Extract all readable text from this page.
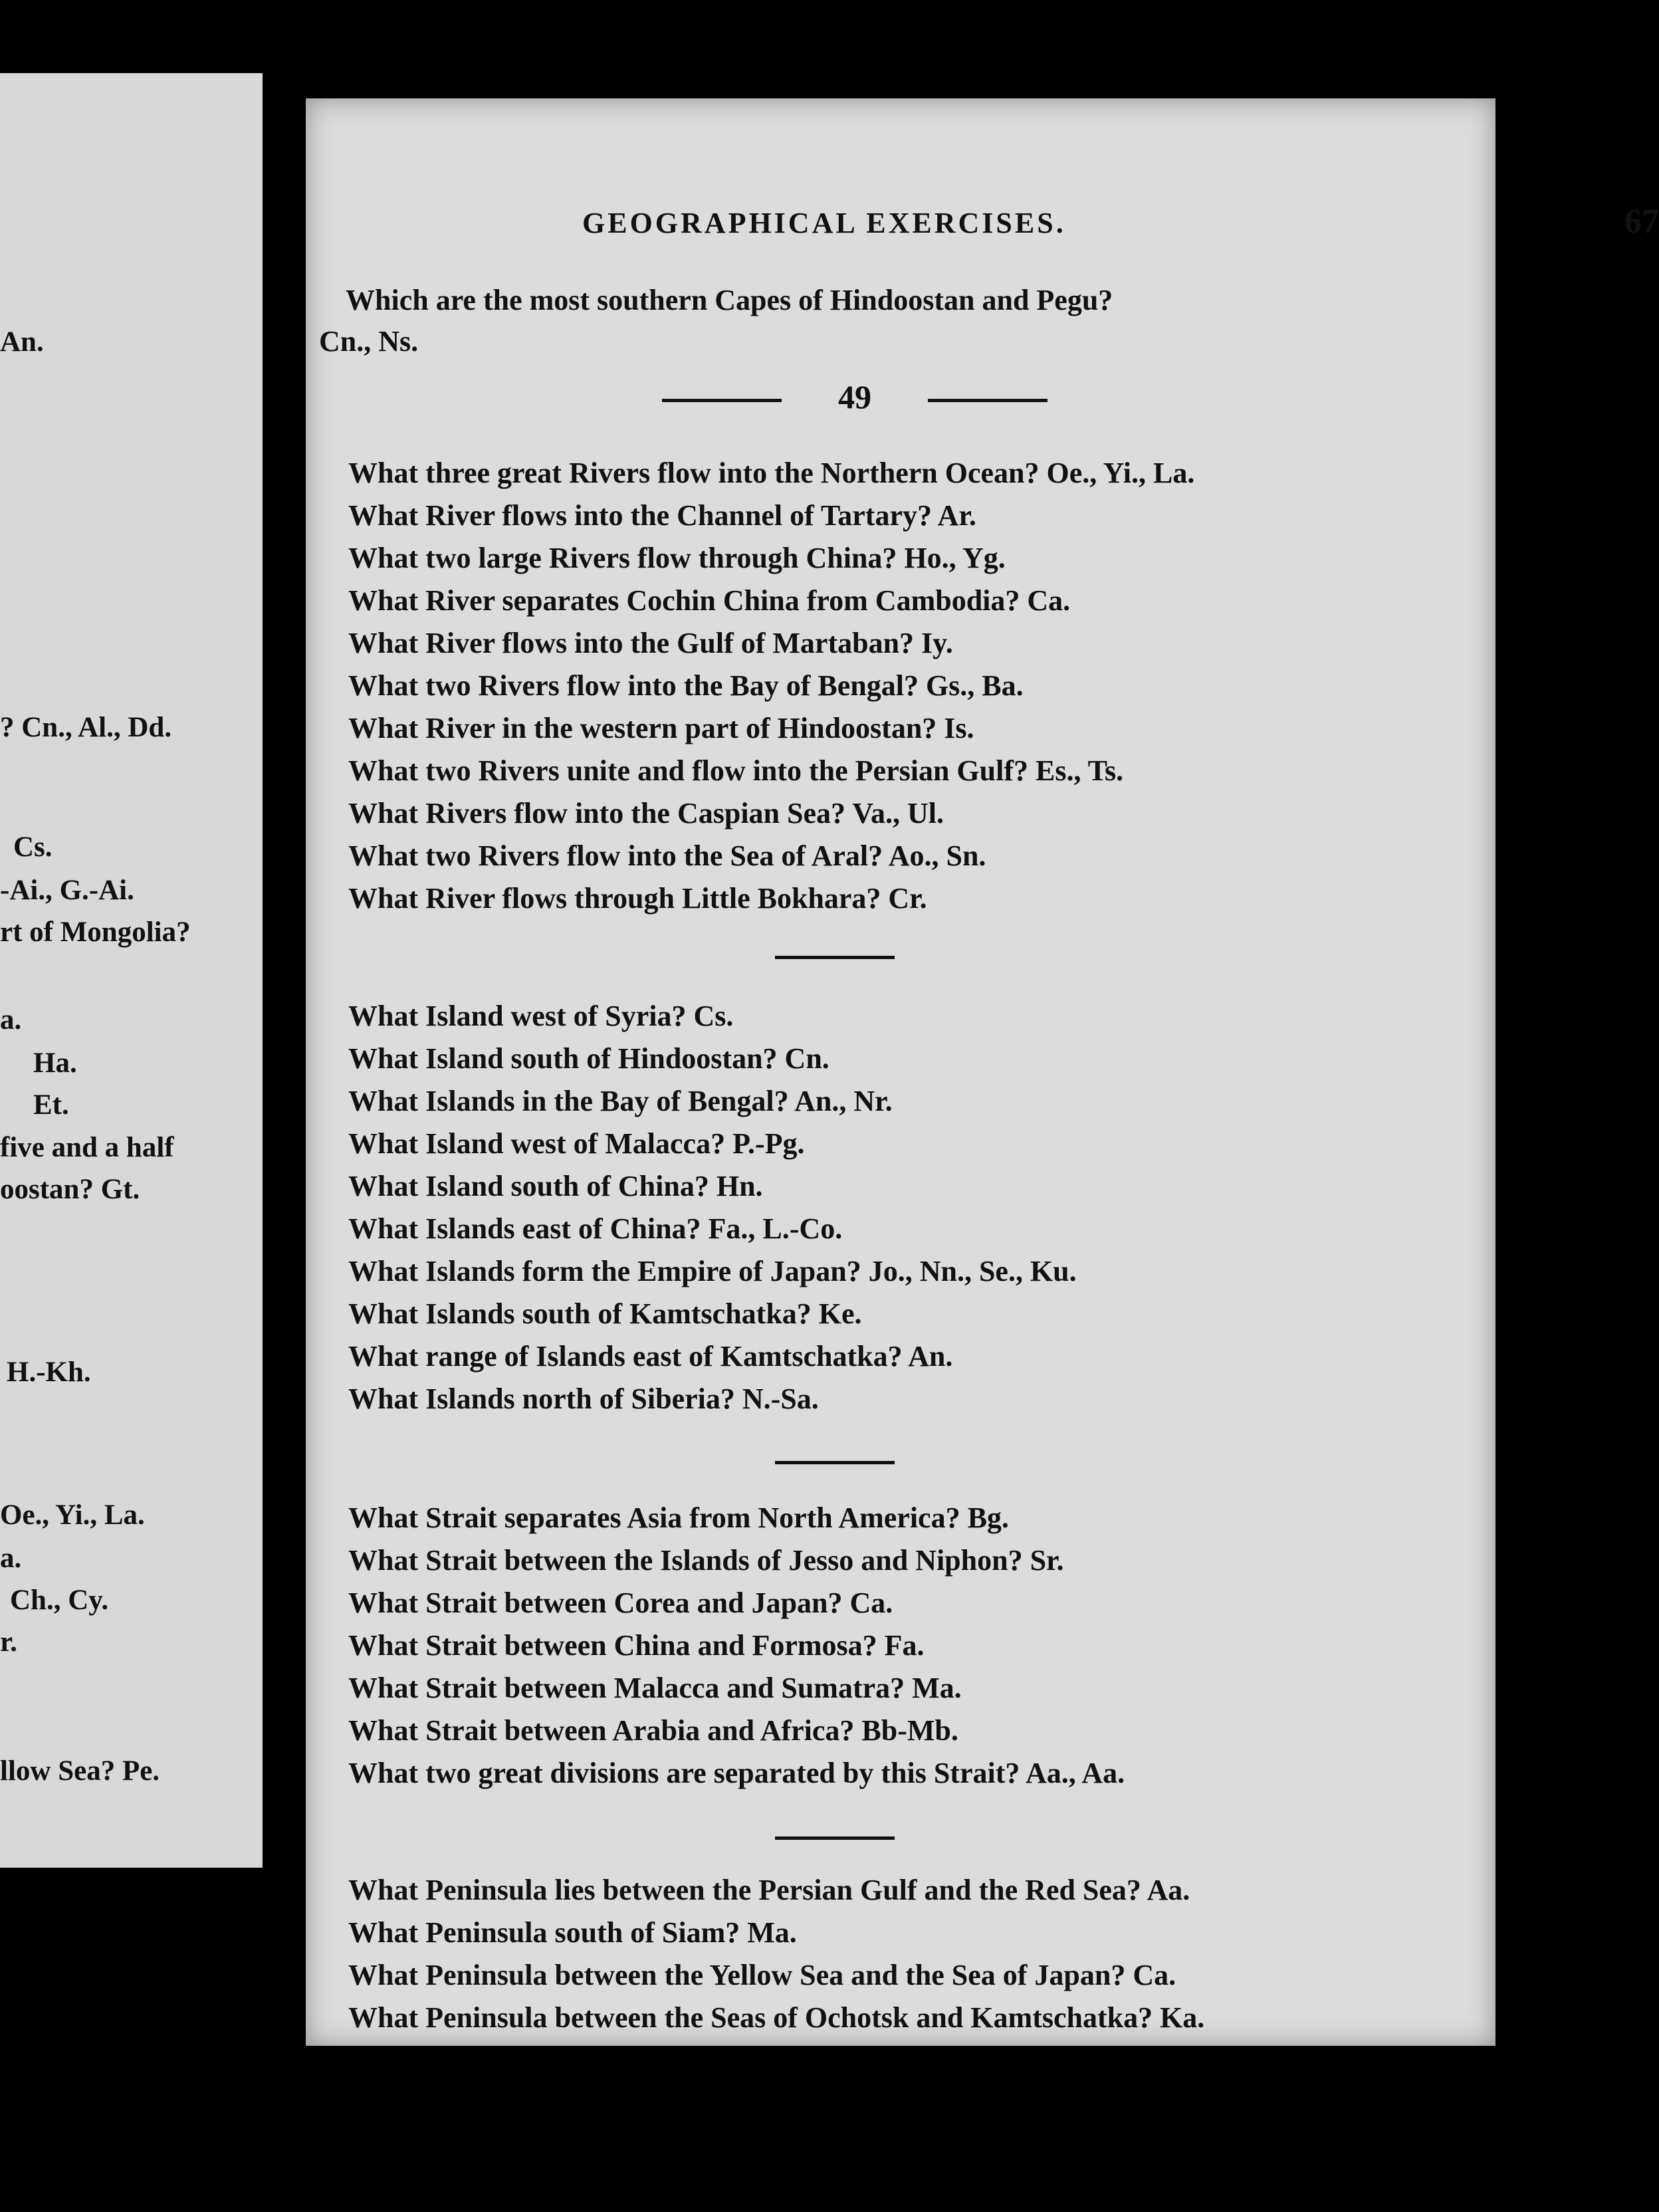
An.
? Cn., Al., Dd.
Cs.
-Ai., G.-Ai.
rt of Mongolia?
a.
Ha.
Et.
five and a half
oostan? Gt.
H.-Kh.
Oe., Yi., La.
a.
Ch., Cy.
r.
llow Sea? Pe.
GEOGRAPHICAL EXERCISES.	67
Which are the most southern Capes of Hindoostan and Pegu?
Cn., Ns.
49
What three great Rivers flow into the Northern Ocean? Oe., Yi., La.
What River flows into the Channel of Tartary? Ar.
What two large Rivers flow through China? Ho., Yg.
What River separates Cochin China from Cambodia? Ca.
What River flows into the Gulf of Martaban? Iy.
What two Rivers flow into the Bay of Bengal? Gs., Ba.
What River in the western part of Hindoostan? Is.
What two Rivers unite and flow into the Persian Gulf? Es., Ts.
What Rivers flow into the Caspian Sea? Va., Ul.
What two Rivers flow into the Sea of Aral? Ao., Sn.
What River flows through Little Bokhara? Cr.
What Island west of Syria? Cs.
What Island south of Hindoostan? Cn.
What Islands in the Bay of Bengal? An., Nr.
What Island west of Malacca? P.-Pg.
What Island south of China? Hn.
What Islands east of China? Fa., L.-Co.
What Islands form the Empire of Japan? Jo., Nn., Se., Ku.
What Islands south of Kamtschatka? Ke.
What range of Islands east of Kamtschatka? An.
What Islands north of Siberia? N.-Sa.
What Strait separates Asia from North America? Bg.
What Strait between the Islands of Jesso and Niphon? Sr.
What Strait between Corea and Japan? Ca.
What Strait between China and Formosa? Fa.
What Strait between Malacca and Sumatra? Ma.
What Strait between Arabia and Africa? Bb-Mb.
What two great divisions are separated by this Strait? Aa., Aa.
What Peninsula lies between the Persian Gulf and the Red Sea? Aa.
What Peninsula south of Siam? Ma.
What Peninsula between the Yellow Sea and the Sea of Japan? Ca.
What Peninsula between the Seas of Ochotsk and Kamtschatka? Ka.
